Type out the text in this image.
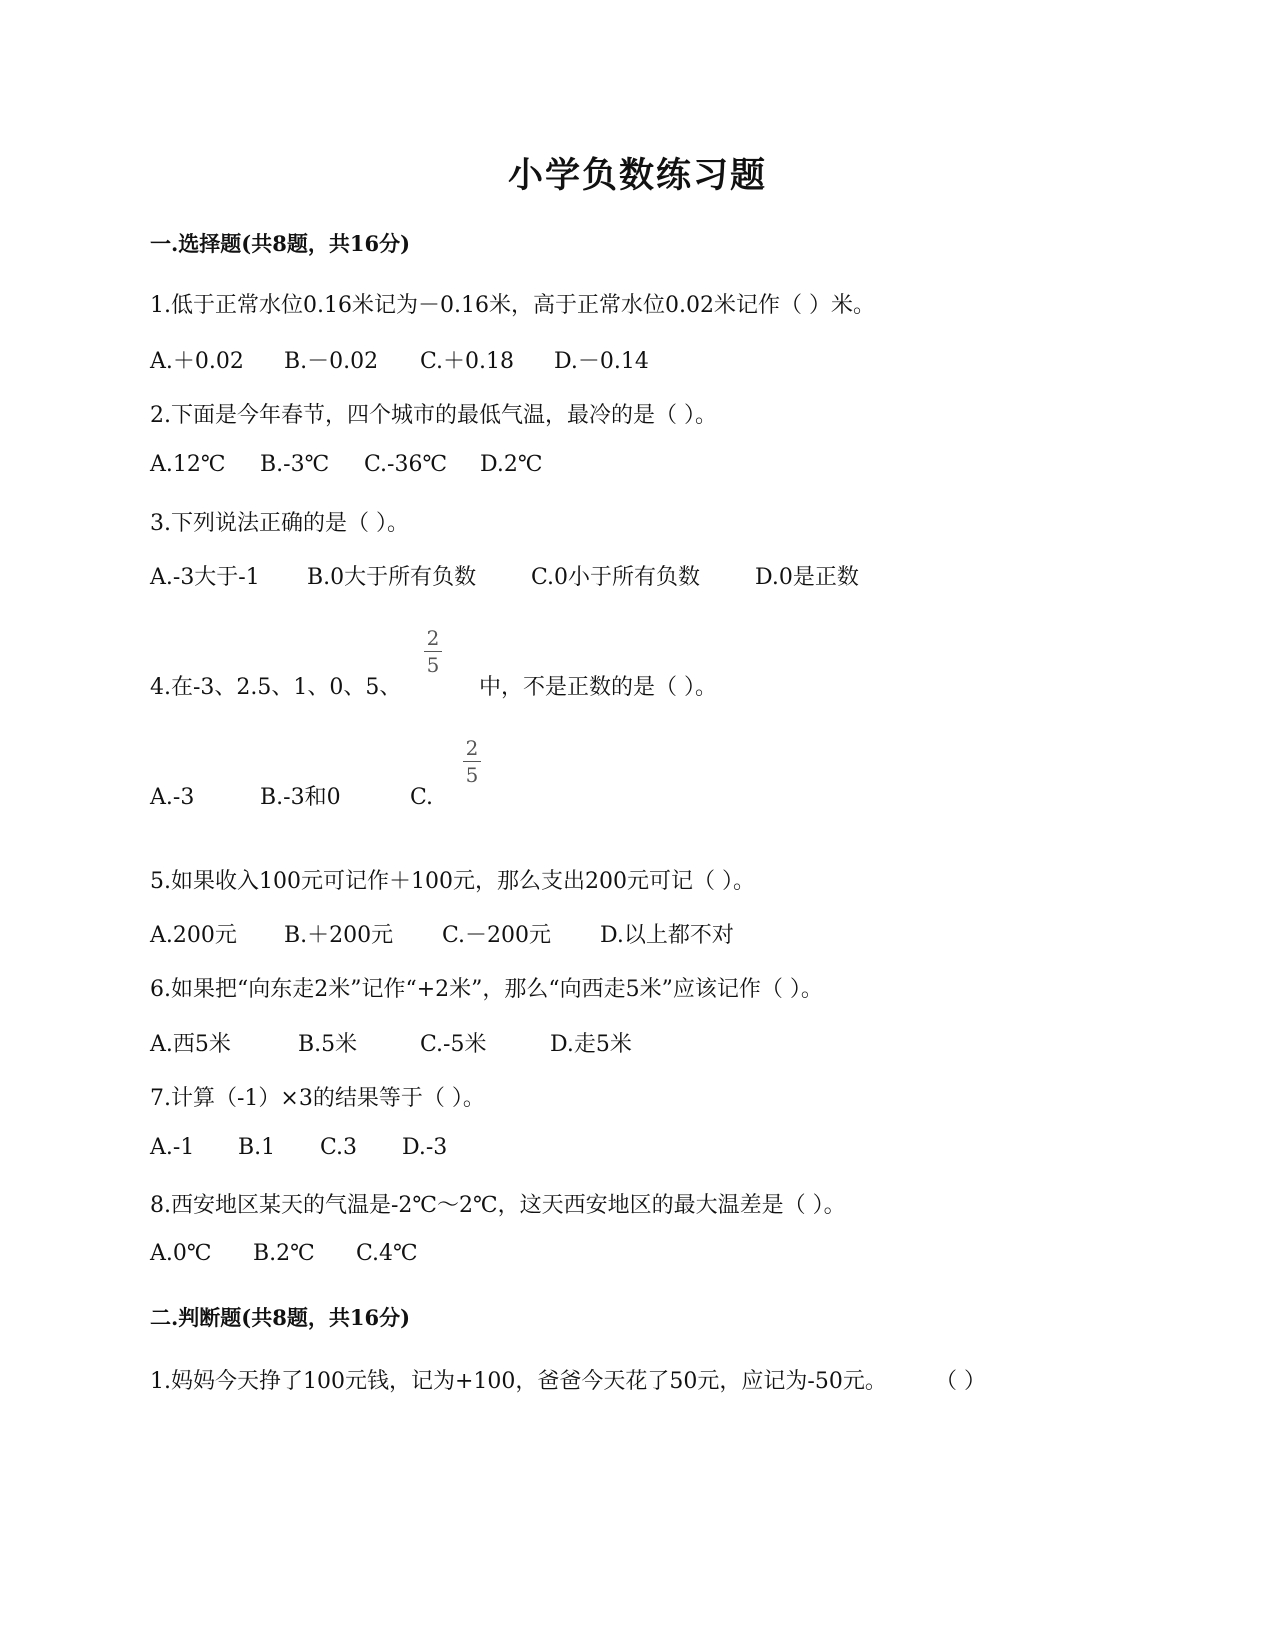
小学负数练习题
一.选择题(共8题，共16分)
1.低于正常水位0.16米记为－0.16米，高于正常水位0.02米记作（ ）米。
A.＋0.02 B.－0.02 C.＋0.18 D.－0.14
2.下面是今年春节，四个城市的最低气温，最冷的是（ ）。
A.12℃ B.-3℃ C.-36℃ D.2℃
3.下列说法正确的是（ ）。
A.-3大于-1 B.0大于所有负数 C.0小于所有负数 D.0是正数
4.在-3、2.5、1、0、5、
2
5
中，不是正数的是（ ）。
A.-3	B.-3和0	C.
2
5
5.如果收入100元可记作＋100元，那么支出200元可记（ ）。
A.200元 B.＋200元 C.－200元 D.以上都不对
6.如果把“向东走2米”记作“+2米”，那么“向西走5米”应该记作（ ）。
A.西5米	B.5米	C.-5米	D.走5米
7.计算（-1）×3的结果等于（ ）。
A.-1 B.1 C.3 D.-3
8.西安地区某天的气温是-2℃～2℃，这天西安地区的最大温差是（ ）。
A.0℃ B.2℃ C.4℃
二.判断题(共8题，共16分)
1.妈妈今天挣了100元钱，记为+100，爸爸今天花了50元，应记为-50元。 （ ）
